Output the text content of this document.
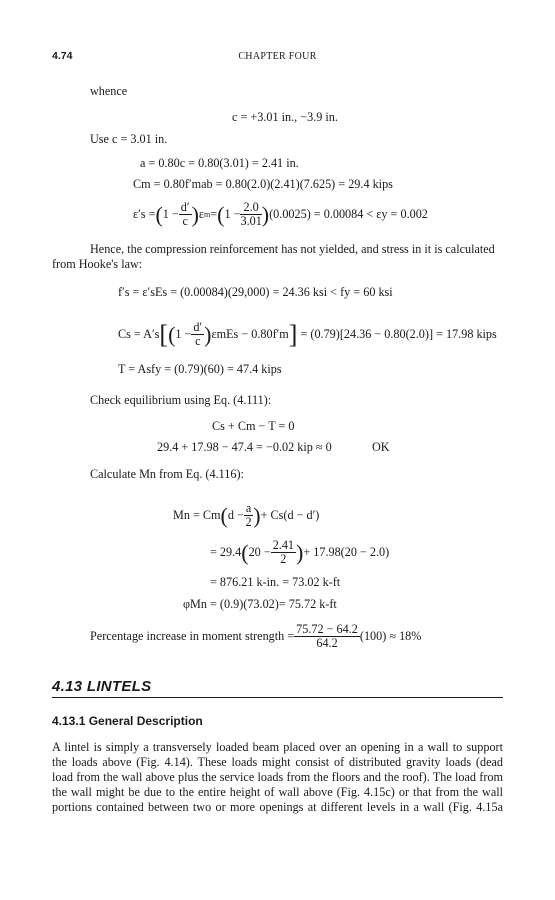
4.74	CHAPTER FOUR
whence
c = +3.01 in., −3.9 in.
Use c = 3.01 in.
a = 0.80c = 0.80(3.01) = 2.41 in.
Cm = 0.80f′mab = 0.80(2.0)(2.41)(7.625) = 29.4 kips
ε′s = ( $1 - \frac{d'}{c}$ ) ε m = ( $1 - \frac{2.0}{3.01}$ ) (0.0025) = 0.00084 < εy = 0.002
Hence, the compression reinforcement has not yielded, and stress in it is calculated
from Hooke's law:
f′s = ε′sEs = (0.00084)(29,000) = 24.36 ksi < fy = 60 ksi
Cs = A′s [ ( $1 - \frac{d'}{c}$ ) εmEs − 0.80f′m ] = (0.79)[24.36 − 0.80(2.0)] = 17.98 kips
T = Asfy = (0.79)(60) = 47.4 kips
Check equilibrium using Eq. (4.111):
Cs + Cm − T = 0
29.4 + 17.98 − 47.4 = −0.02 kip ≈ 0	OK
Calculate Mn from Eq. (4.116):
Mn = Cm ( $d - \frac{a}{2}$ ) + Cs(d − d′)
= 29.4 ( $20 - \frac{2.41}{2}$ ) + 17.98(20 − 2.0)
= 876.21 k-in. = 73.02 k-ft
φMn = (0.9)(73.02)= 75.72 k-ft
Percentage increase in moment strength = $\frac{75.72 - 64.2}{64.2} (100) \approx 18\%$
4.13 LINTELS
4.13.1 General Description
A lintel is simply a transversely loaded beam placed over an opening in a wall to support
the loads above (Fig. 4.14). These loads might consist of distributed gravity loads (dead
load from the wall above plus the service loads from the floors and the roof). The load from
the wall might be due to the entire height of wall above (Fig. 4.15c) or that from the wall
portions contained between two or more openings at different levels in a wall (Fig. 4.15a
